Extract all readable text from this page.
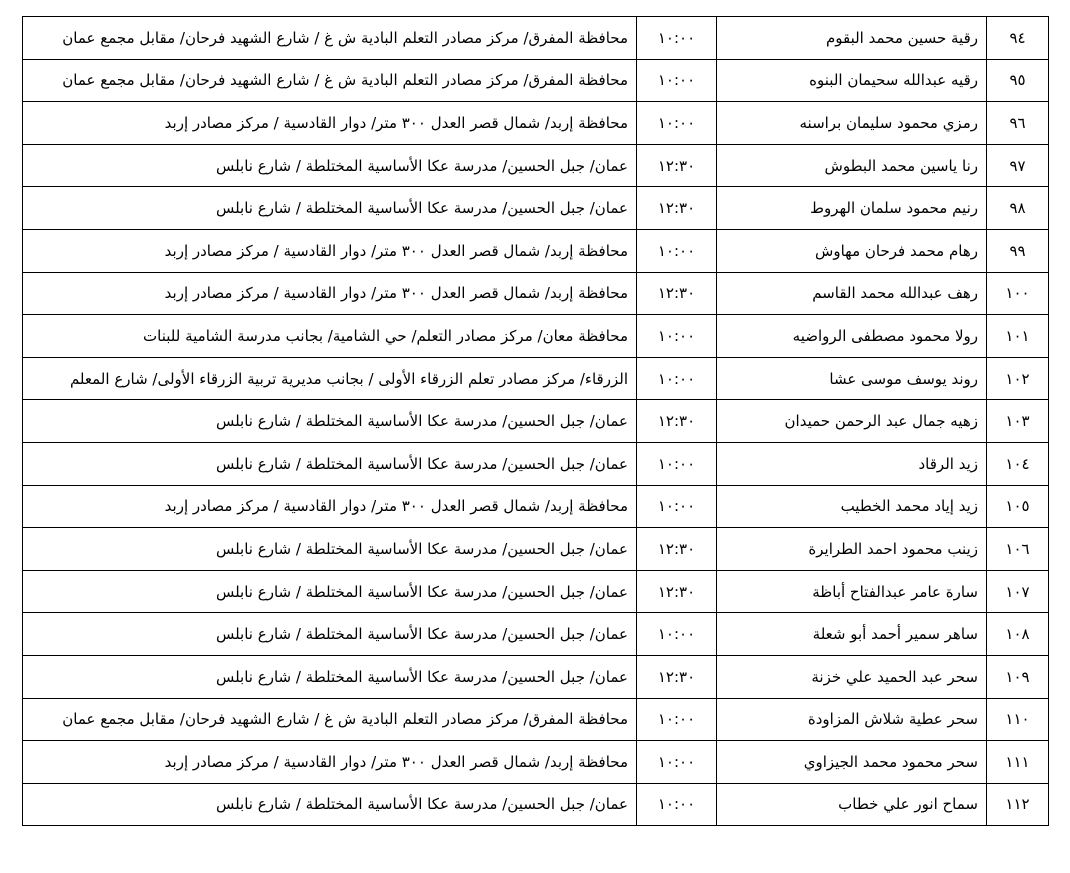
٩٤	رقية حسين محمد البقوم	١٠:٠٠	محافظة المفرق/ مركز مصادر التعلم البادية ش غ / شارع الشهيد فرحان/ مقابل مجمع عمان
٩٥	رقيه عبدالله سحيمان البنوه	١٠:٠٠	محافظة المفرق/ مركز مصادر التعلم البادية ش غ / شارع الشهيد فرحان/ مقابل مجمع عمان
٩٦	رمزي محمود سليمان براسنه	١٠:٠٠	محافظة إربد/ شمال قصر العدل ٣٠٠ متر/ دوار القادسية / مركز مصادر إربد
٩٧	رنا ياسين محمد البطوش	١٢:٣٠	عمان/ جبل الحسين/ مدرسة عكا الأساسية المختلطة / شارع نابلس
٩٨	رنيم محمود سلمان الهروط	١٢:٣٠	عمان/ جبل الحسين/ مدرسة عكا الأساسية المختلطة / شارع نابلس
٩٩	رهام محمد فرحان مهاوش	١٠:٠٠	محافظة إربد/ شمال قصر العدل ٣٠٠ متر/ دوار القادسية / مركز مصادر إربد
١٠٠	رهف عبدالله محمد القاسم	١٢:٣٠	محافظة إربد/ شمال قصر العدل ٣٠٠ متر/ دوار القادسية / مركز مصادر إربد
١٠١	رولا محمود مصطفى الرواضيه	١٠:٠٠	محافظة معان/ مركز مصادر التعلم/ حي الشامية/ بجانب مدرسة الشامية للبنات
١٠٢	روند يوسف موسى عشا	١٠:٠٠	الزرقاء/ مركز مصادر تعلم الزرقاء الأولى / بجانب مديرية تربية الزرقاء الأولى/ شارع المعلم
١٠٣	زهيه جمال عبد الرحمن حميدان	١٢:٣٠	عمان/ جبل الحسين/ مدرسة عكا الأساسية المختلطة / شارع نابلس
١٠٤	زيد الرقاد	١٠:٠٠	عمان/ جبل الحسين/ مدرسة عكا الأساسية المختلطة / شارع نابلس
١٠٥	زيد إياد محمد الخطيب	١٠:٠٠	محافظة إربد/ شمال قصر العدل ٣٠٠ متر/ دوار القادسية / مركز مصادر إربد
١٠٦	زينب محمود احمد الطرايرة	١٢:٣٠	عمان/ جبل الحسين/ مدرسة عكا الأساسية المختلطة / شارع نابلس
١٠٧	سارة عامر عبدالفتاح أباظة	١٢:٣٠	عمان/ جبل الحسين/ مدرسة عكا الأساسية المختلطة / شارع نابلس
١٠٨	ساهر سمير أحمد أبو شعلة	١٠:٠٠	عمان/ جبل الحسين/ مدرسة عكا الأساسية المختلطة / شارع نابلس
١٠٩	سحر عبد الحميد علي خزنة	١٢:٣٠	عمان/ جبل الحسين/ مدرسة عكا الأساسية المختلطة / شارع نابلس
١١٠	سحر عطية شلاش المزاودة	١٠:٠٠	محافظة المفرق/ مركز مصادر التعلم البادية ش غ / شارع الشهيد فرحان/ مقابل مجمع عمان
١١١	سحر محمود محمد الجيزاوي	١٠:٠٠	محافظة إربد/ شمال قصر العدل ٣٠٠ متر/ دوار القادسية / مركز مصادر إربد
١١٢	سماح انور علي خطاب	١٠:٠٠	عمان/ جبل الحسين/ مدرسة عكا الأساسية المختلطة / شارع نابلس
